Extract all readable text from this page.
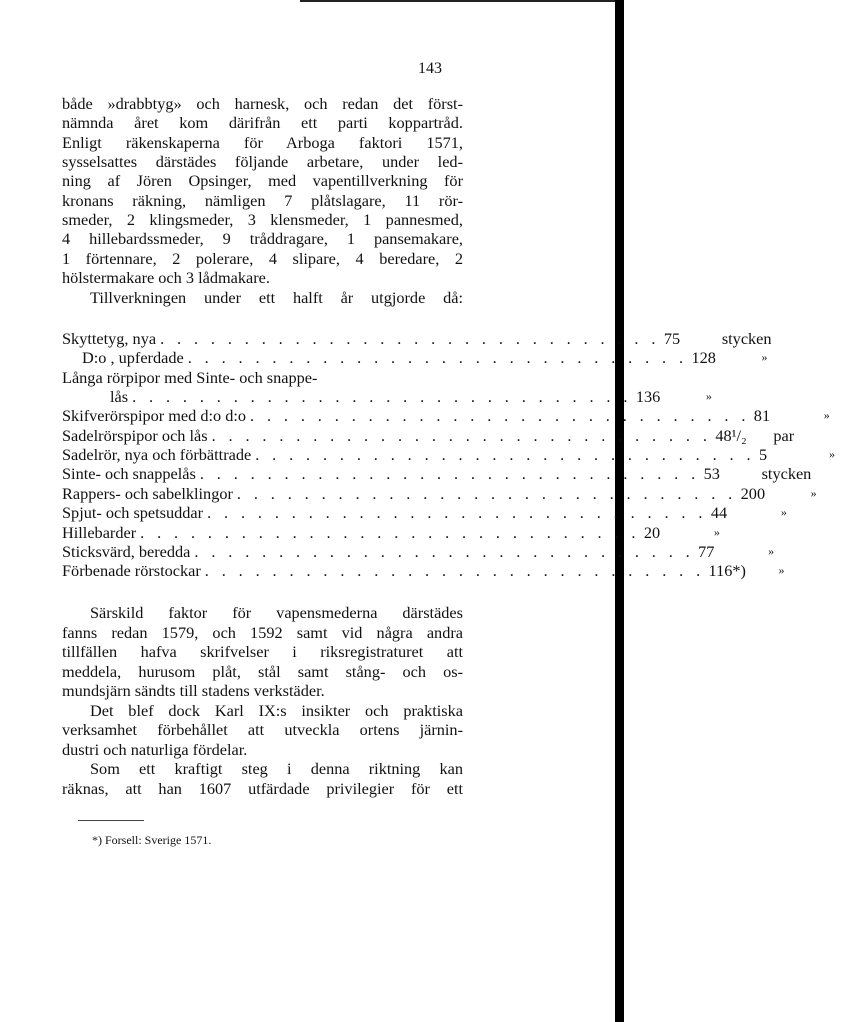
143
både »drabbtyg» och harnesk, och redan det först-
nämnda året kom därifrån ett parti koppartråd.
Enligt räkenskaperna för Arboga faktori 1571,
sysselsattes därstädes följande arbetare, under led-
ning af Jören Opsinger, med vapentillverkning för
kronans räkning, nämligen 7 plåtslagare, 11 rör-
smeder, 2 klingsmeder, 3 klensmeder, 1 pannesmed,
4 hillebardssmeder, 9 tråddragare, 1 pansemakare,
1 förtennare, 2 polerare, 4 slipare, 4 beredare, 2
hölstermakare och 3 lådmakare.
Tillverkningen under ett halft år utgjorde då:
Skyttetyg, nya . . . . . . . . . . . . . . . . . . . . . . . . . . . . . . 75	stycken
D:o , upferdade . . . . . . . . . . . . . . . . . . . . . . . . . . . . . . 128	»
Långa rörpipor med Sinte- och snappe-
lås . . . . . . . . . . . . . . . . . . . . . . . . . . . . . . 136	»
Skifverörspipor med d:o d:o . . . . . . . . . . . . . . . . . . . . . . . . . . . . . . 81	»
Sadelrörspipor och lås . . . . . . . . . . . . . . . . . . . . . . . . . . . . . . 48¹/₂	par
Sadelrör, nya och förbättrade . . . . . . . . . . . . . . . . . . . . . . . . . . . . . . 5	»
Sinte- och snappelås . . . . . . . . . . . . . . . . . . . . . . . . . . . . . . 53	stycken
Rappers- och sabelklingor . . . . . . . . . . . . . . . . . . . . . . . . . . . . . . 200	»
Spjut- och spetsuddar . . . . . . . . . . . . . . . . . . . . . . . . . . . . . . 44	»
Hillebarder . . . . . . . . . . . . . . . . . . . . . . . . . . . . . . 20	»
Sticksvärd, beredda . . . . . . . . . . . . . . . . . . . . . . . . . . . . . . 77	»
Förbenade rörstockar . . . . . . . . . . . . . . . . . . . . . . . . . . . . . . 116*)	»
Särskild faktor för vapensmederna därstädes
fanns redan 1579, och 1592 samt vid några andra
tillfällen hafva skrifvelser i riksregistraturet att
meddela, hurusom plåt, stål samt stång- och os-
mundsjärn sändts till stadens verkstäder.
Det blef dock Karl IX:s insikter och praktiska
verksamhet förbehållet att utveckla ortens järnin-
dustri och naturliga fördelar.
Som ett kraftigt steg i denna riktning kan
räknas, att han 1607 utfärdade privilegier för ett
*) Forsell: Sverige 1571.
